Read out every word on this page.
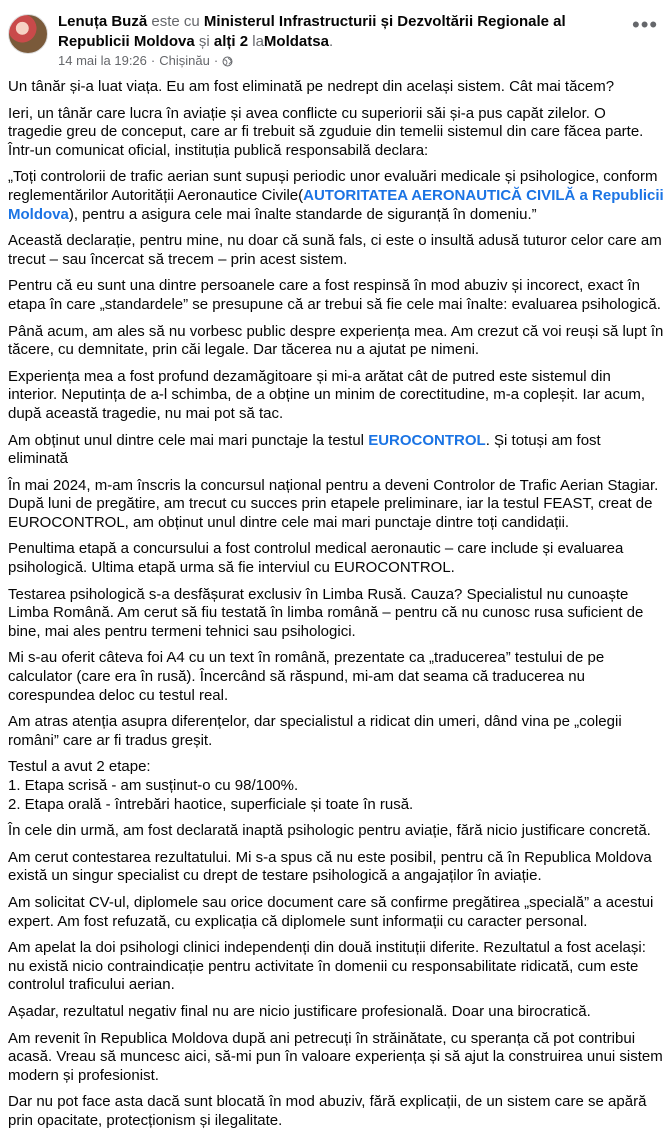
Lenuța Buză este cu Ministerul Infrastructurii și Dezvoltării Regionale al Republicii Moldova și alți 2 laMoldatsa.
14 mai la 19:26 · Chișinău ·
•••

Un tânăr și-a luat viața. Eu am fost eliminată pe nedrept din același sistem. Cât mai tăcem?

Ieri, un tânăr care lucra în aviație și avea conflicte cu superiorii săi și-a pus capăt zilelor. O tragedie greu de conceput, care ar fi trebuit să zguduie din temelii sistemul din care făcea parte. Într-un comunicat oficial, instituția publică responsabilă declara:

„Toți controlorii de trafic aerian sunt supuși periodic unor evaluări medicale și psihologice, conform reglementărilor Autorității Aeronautice Civile(AUTORITATEA AERONAUTICĂ CIVILĂ a Republicii Moldova), pentru a asigura cele mai înalte standarde de siguranță în domeniu.”

Această declarație, pentru mine, nu doar că sună fals, ci este o insultă adusă tuturor celor care am trecut – sau încercat să trecem – prin acest sistem.

Pentru că eu sunt una dintre persoanele care a fost respinsă în mod abuziv și incorect, exact în etapa în care „standardele” se presupune că ar trebui să fie cele mai înalte: evaluarea psihologică.

Până acum, am ales să nu vorbesc public despre experiența mea. Am crezut că voi reuși să lupt în tăcere, cu demnitate, prin căi legale. Dar tăcerea nu a ajutat pe nimeni.

Experiența mea a fost profund dezamăgitoare și mi-a arătat cât de putred este sistemul din interior. Neputința de a-l schimba, de a obține un minim de corectitudine, m-a copleșit. Iar acum, după această tragedie, nu mai pot să tac.

Am obținut unul dintre cele mai mari punctaje la testul EUROCONTROL. Și totuși am fost eliminată

În mai 2024, m-am înscris la concursul național pentru a deveni Controlor de Trafic Aerian Stagiar. După luni de pregătire, am trecut cu succes prin etapele preliminare, iar la testul FEAST, creat de EUROCONTROL, am obținut unul dintre cele mai mari punctaje dintre toți candidații.

Penultima etapă a concursului a fost controlul medical aeronautic – care include și evaluarea psihologică. Ultima etapă urma să fie interviul cu EUROCONTROL.

Testarea psihologică s-a desfășurat exclusiv în Limba Rusă. Cauza? Specialistul nu cunoaște Limba Română. Am cerut să fiu testată în limba română – pentru că nu cunosc rusa suficient de bine, mai ales pentru termeni tehnici sau psihologici.

Mi s-au oferit câteva foi A4 cu un text în română, prezentate ca „traducerea” testului de pe calculator (care era în rusă). Încercând să răspund, mi-am dat seama că traducerea nu corespundea deloc cu testul real.

Am atras atenția asupra diferențelor, dar specialistul a ridicat din umeri, dând vina pe „colegii români” care ar fi tradus greșit.

Testul a avut 2 etape:
1. Etapa scrisă - am susținut-o cu 98/100%.
2. Etapa orală - întrebări haotice, superficiale și toate în rusă.

În cele din urmă, am fost declarată inaptă psihologic pentru aviație, fără nicio justificare concretă.

Am cerut contestarea rezultatului. Mi s-a spus că nu este posibil, pentru că în Republica Moldova există un singur specialist cu drept de testare psihologică a angajaților în aviație.

Am solicitat CV-ul, diplomele sau orice document care să confirme pregătirea „specială” a acestui expert. Am fost refuzată, cu explicația că diplomele sunt informații cu caracter personal.

Am apelat la doi psihologi clinici independenți din două instituții diferite. Rezultatul a fost același: nu există nicio contraindicație pentru activitate în domenii cu responsabilitate ridicată, cum este controlul traficului aerian.

Așadar, rezultatul negativ final nu are nicio justificare profesională. Doar una birocratică.

Am revenit în Republica Moldova după ani petrecuți în străinătate, cu speranța că pot contribui acasă. Vreau să muncesc aici, să-mi pun în valoare experiența și să ajut la construirea unui sistem modern și profesionist.

Dar nu pot face asta dacă sunt blocată în mod abuziv, fără explicații, de un sistem care se apără prin opacitate, protecționism și ilegalitate.
